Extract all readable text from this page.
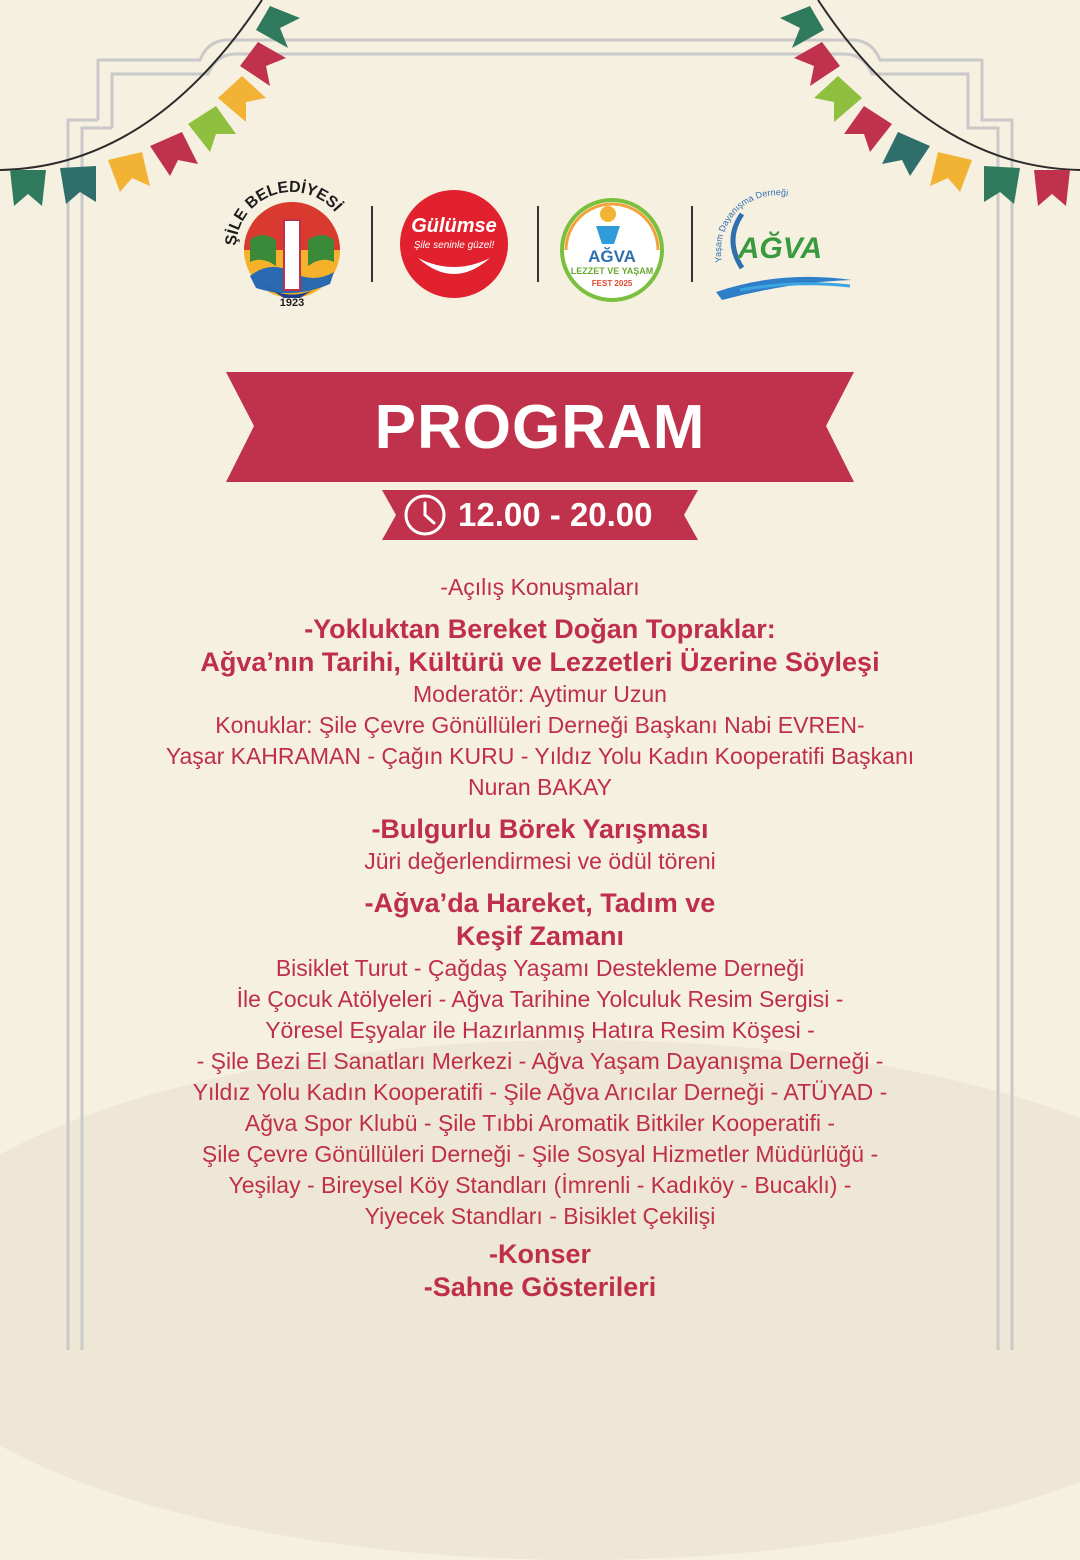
ŞİLE BELEDİYESİ
1923
Gülümse
Şile seninle güzel!
AĞVA
LEZZET VE YAŞAM
FEST 2025
Yaşam Dayanışma Derneği
AĞVA
PROGRAM
12.00 - 20.00

-Açılış Konuşmaları

-Yokluktan Bereket Doğan Topraklar:

Ağva’nın Tarihi, Kültürü ve Lezzetleri Üzerine Söyleşi

Moderatör: Aytimur Uzun

Konuklar: Şile Çevre Gönüllüleri Derneği Başkanı Nabi EVREN-

Yaşar KAHRAMAN - Çağın KURU - Yıldız Yolu Kadın Kooperatifi Başkanı

Nuran BAKAY

-Bulgurlu Börek Yarışması

Jüri değerlendirmesi ve ödül töreni

-Ağva’da Hareket, Tadım ve

Keşif Zamanı

Bisiklet Turut - Çağdaş Yaşamı Destekleme Derneği

İle Çocuk Atölyeleri - Ağva Tarihine Yolculuk Resim Sergisi -

Yöresel Eşyalar ile Hazırlanmış Hatıra Resim Köşesi -

- Şile Bezi El Sanatları Merkezi - Ağva Yaşam Dayanışma Derneği -

Yıldız Yolu Kadın Kooperatifi - Şile Ağva Arıcılar Derneği - ATÜYAD -

Ağva Spor Klubü - Şile Tıbbi Aromatik Bitkiler Kooperatifi -

Şile Çevre Gönüllüleri Derneği - Şile Sosyal Hizmetler Müdürlüğü -

Yeşilay - Bireysel Köy Standları (İmrenli - Kadıköy - Bucaklı) -

Yiyecek Standları - Bisiklet Çekilişi

-Konser

-Sahne Gösterileri
